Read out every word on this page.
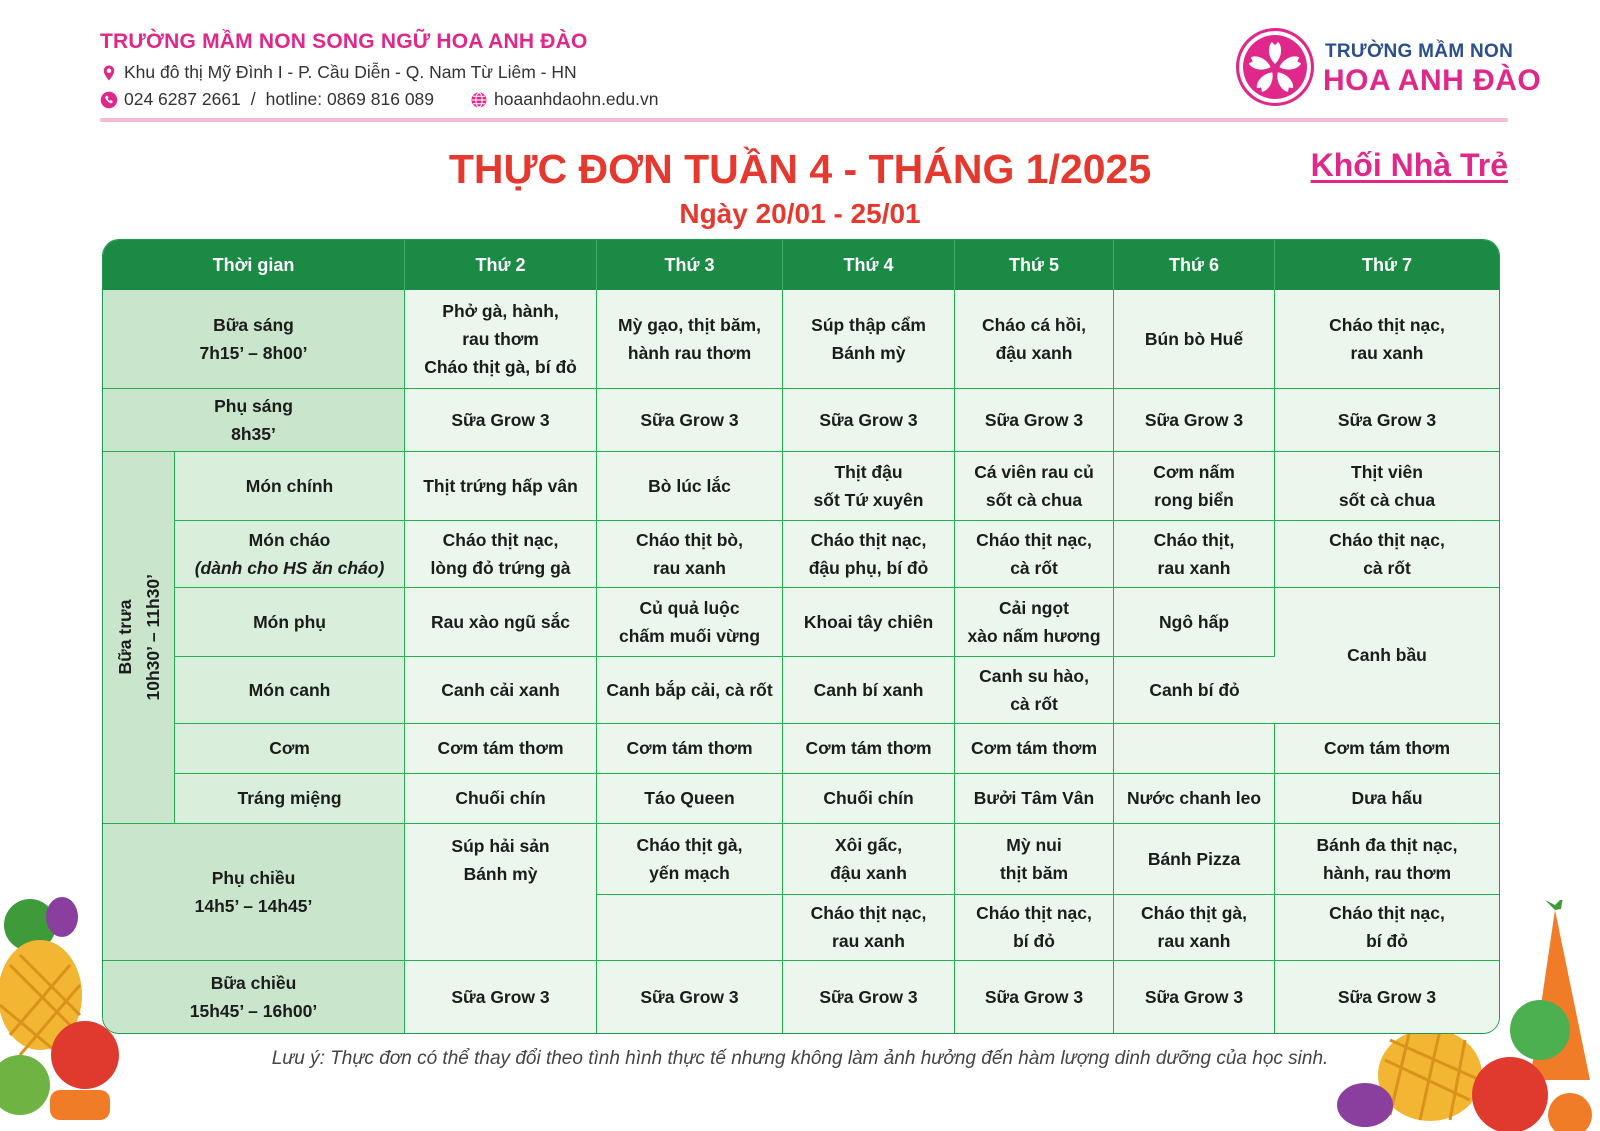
TRƯỜNG MẦM NON SONG NGỮ HOA ANH ĐÀO
Khu đô thị Mỹ Đình I - P. Cầu Diễn - Q. Nam Từ Liêm - HN
024 6287 2661 / hotline: 0869 816 089	hoaanhdaohn.edu.vn
TRƯỜNG MẦM NON
HOA ANH ĐÀO
THỰC ĐƠN TUẦN 4 - THÁNG 1/2025
Ngày 20/01 - 25/01
Khối Nhà Trẻ
Thời gian		Thứ 2	Thứ 3	Thứ 4	Thứ 5	Thứ 6	Thứ 7

Bữa sáng
7h15’ – 8h00’		Phở gà, hành,
rau thơm
Cháo thịt gà, bí đỏ	Mỳ gạo, thịt băm,
hành rau thơm	Súp thập cẩm
Bánh mỳ	Cháo cá hồi,
đậu xanh	Bún bò Huế	Cháo thịt nạc,
rau xanh

Phụ sáng
8h35’		Sữa Grow 3	Sữa Grow 3	Sữa Grow 3	Sữa Grow 3	Sữa Grow 3	Sữa Grow 3

Bữa trưa 10h30’ – 11h30’	Món chính	Thịt trứng hấp vân	Bò lúc lắc	Thịt đậu
sốt Tứ xuyên	Cá viên rau củ
sốt cà chua	Cơm nấm
rong biển	Thịt viên
sốt cà chua

	Món cháo
(dành cho HS ăn cháo)	Cháo thịt nạc,
lòng đỏ trứng gà	Cháo thịt bò,
rau xanh	Cháo thịt nạc,
đậu phụ, bí đỏ	Cháo thịt nạc,
cà rốt	Cháo thịt,
rau xanh	Cháo thịt nạc,
cà rốt

	Món phụ	Rau xào ngũ sắc	Củ quả luộc
chấm muối vừng	Khoai tây chiên	Cải ngọt
xào nấm hương	Ngô hấp	Canh bầu
	Món canh	Canh cải xanh	Canh bắp cải, cà rốt	Canh bí xanh	Canh su hào,
cà rốt	Canh bí đỏ	

	Cơm	Cơm tám thơm	Cơm tám thơm	Cơm tám thơm	Cơm tám thơm		Cơm tám thơm
	Tráng miệng	Chuối chín	Táo Queen	Chuối chín	Bưởi Tâm Vân	Nước chanh leo	Dưa hấu

Phụ chiều
14h5’ – 14h45’		Súp hải sản
Bánh mỳ	Cháo thịt gà,
yến mạch	Xôi gấc,
đậu xanh	Mỳ nui
thịt băm	Bánh Pizza	Bánh đa thịt nạc,
hành, rau thơm

				Cháo thịt nạc,
rau xanh	Cháo thịt nạc,
bí đỏ	Cháo thịt gà,
rau xanh	Cháo thịt nạc,
bí đỏ

Bữa chiều
15h45’ – 16h00’		Sữa Grow 3	Sữa Grow 3	Sữa Grow 3	Sữa Grow 3	Sữa Grow 3	Sữa Grow 3
Lưu ý: Thực đơn có thể thay đổi theo tình hình thực tế nhưng không làm ảnh hưởng đến hàm lượng dinh dưỡng của học sinh.
